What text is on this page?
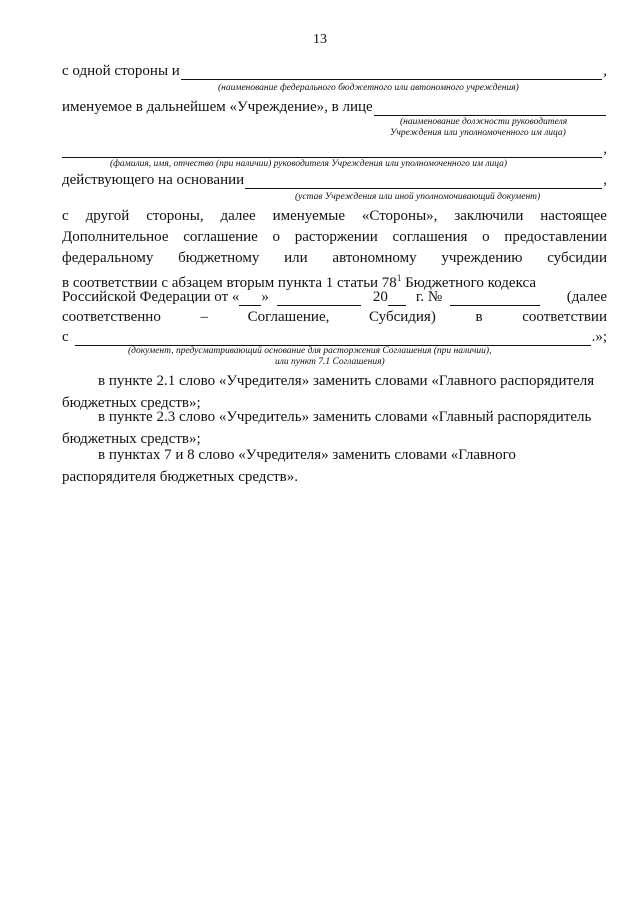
13
с одной стороны и	,
(наименование федерального бюджетного или автономного учреждения)
именуемое в дальнейшем «Учреждение», в лице
(наименование должности руководителя
Учреждения или уполномоченного им лица)
,
(фамилия, имя, отчество (при наличии) руководителя Учреждения или уполномоченного им лица)
действующего на основании	,
(устав Учреждения или иной уполномочивающий документ)
с другой стороны, далее именуемые «Стороны», заключили настоящее
Дополнительное соглашение о расторжении соглашения о предоставлении
федеральному бюджетному или автономному учреждению субсидии
в соответствии с абзацем вторым пункта 1 статьи $78^1$ Бюджетного кодекса
Российской Федерации от « »	20 г. №	(далее
соответственно	–	Соглашение,	Субсидия)	в	соответствии
с	.»;
(документ, предусматривающий основание для расторжения Соглашения (при наличии),
или пункт 7.1 Соглашения)
в пункте 2.1 слово «Учредителя» заменить словами «Главного распорядителя бюджетных средств»;
в пункте 2.3 слово «Учредитель» заменить словами «Главный распорядитель бюджетных средств»;
в пунктах 7 и 8 слово «Учредителя» заменить словами «Главного распорядителя бюджетных средств».
